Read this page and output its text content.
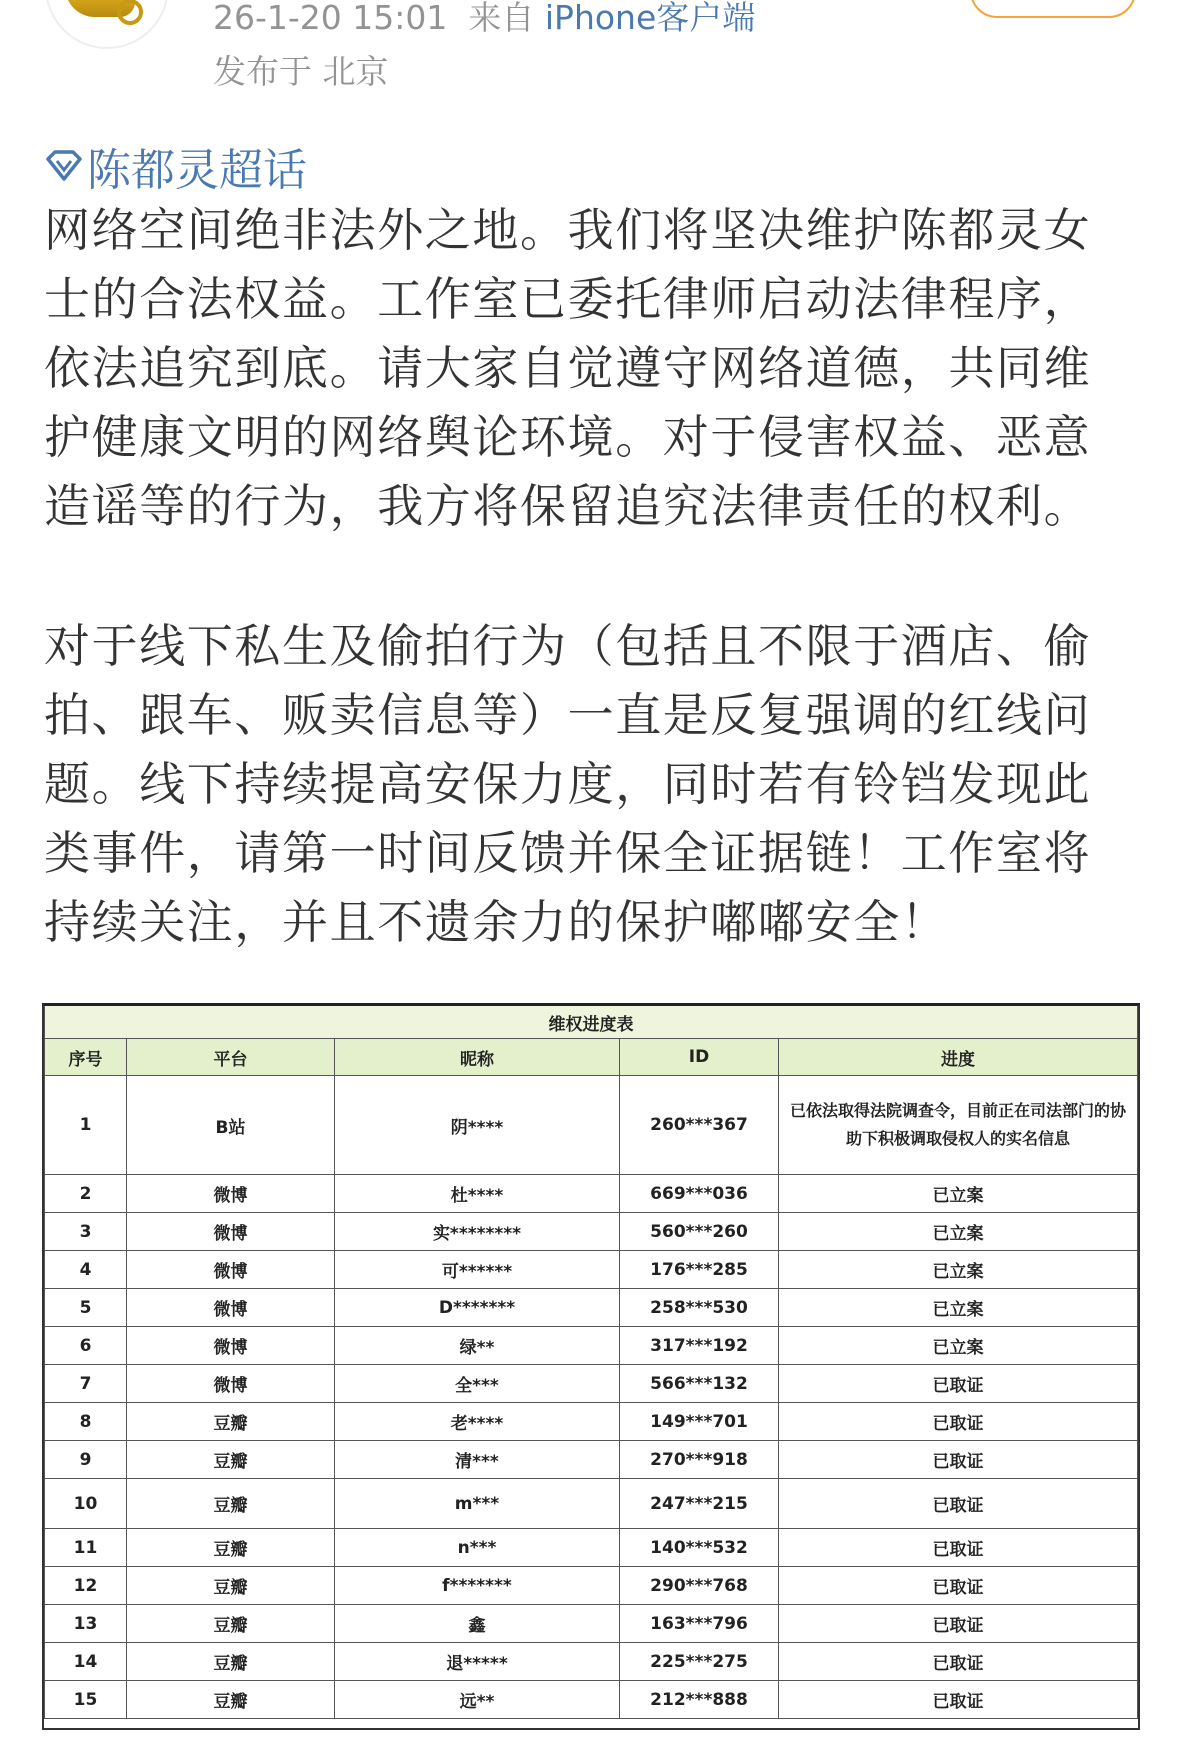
26-1-20 15:01 来自 iPhone客户端
发布于 北京
陈都灵超话
网络空间绝非法外之地。我们将坚决维护陈都灵女
士的合法权益。工作室已委托律师启动法律程序，
依法追究到底。请大家自觉遵守网络道德，共同维
护健康文明的网络舆论环境。对于侵害权益、恶意
造谣等的行为，我方将保留追究法律责任的权利。
对于线下私生及偷拍行为（包括且不限于酒店、偷
拍、跟车、贩卖信息等）一直是反复强调的红线问
题。线下持续提高安保力度，同时若有铃铛发现此
类事件，请第一时间反馈并保全证据链！工作室将
持续关注，并且不遗余力的保护嘟嘟安全！
维权进度表				
序号	平台	昵称	ID	进度
1	B站	阴****	260***367	已依法取得法院调查令，目前正在司法部门的协助下积极调取侵权人的实名信息
2	微博	杜****	669***036	已立案
3	微博	实********	560***260	已立案
4	微博	可******	176***285	已立案
5	微博	D*******	258***530	已立案
6	微博	绿**	317***192	已立案
7	微博	全***	566***132	已取证
8	豆瓣	老****	149***701	已取证
9	豆瓣	清***	270***918	已取证
10	豆瓣	m***	247***215	已取证
11	豆瓣	n***	140***532	已取证
12	豆瓣	f*******	290***768	已取证
13	豆瓣	鑫	163***796	已取证
14	豆瓣	退*****	225***275	已取证
15	豆瓣	远**	212***888	已取证
